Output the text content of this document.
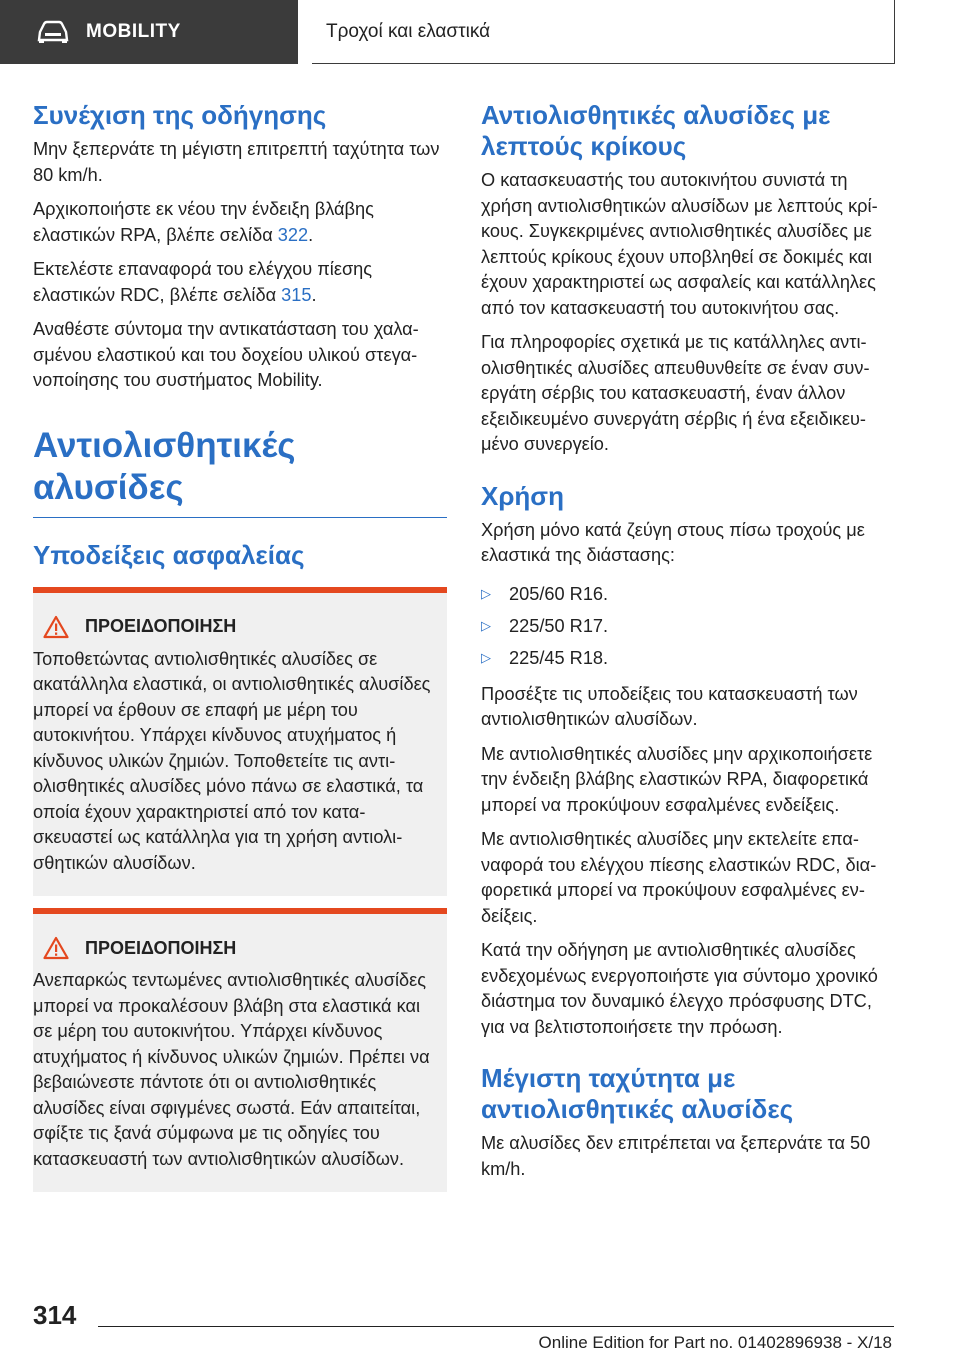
MOBILITY	Τροχοί και ελαστικά
Συνέχιση της οδήγησης

Μην ξεπερνάτε τη μέγιστη επιτρεπτή ταχύτητα των 80 km/h.

Αρχικοποιήστε εκ νέου την ένδειξη βλάβης ελαστικών RPA, βλέπε σελίδα 322.

Εκτελέστε επαναφορά του ελέγχου πίεσης ελαστικών RDC, βλέπε σελίδα 315.

Αναθέστε σύντομα την αντικατάσταση του χαλασμένου ελαστικού και του δοχείου υλικού στεγανοποίησης του συστήματος Mobility.

Αντιολισθητικές αλυσίδες
Υποδείξεις ασφαλείας
ΠΡΟΕΙΔΟΠΟΙΗΣΗ

Τοποθετώντας αντιολισθητικές αλυσίδες σε ακατάλληλα ελαστικά, οι αντιολισθητικές αλυσίδες μπορεί να έρθουν σε επαφή με μέρη του αυτοκινήτου. Υπάρχει κίνδυνος ατυχήματος ή κίνδυνος υλικών ζημιών. Τοποθετείτε τις αντιολισθητικές αλυσίδες μόνο πάνω σε ελαστικά, τα οποία έχουν χαρακτηριστεί από τον κατασκευαστεί ως κατάλληλα για τη χρήση αντιολισθητικών αλυσίδων.

ΠΡΟΕΙΔΟΠΟΙΗΣΗ

Ανεπαρκώς τεντωμένες αντιολισθητικές αλυσίδες μπορεί να προκαλέσουν βλάβη στα ελαστικά και σε μέρη του αυτοκινήτου. Υπάρχει κίνδυνος ατυχήματος ή κίνδυνος υλικών ζημιών. Πρέπει να βεβαιώνεστε πάντοτε ότι οι αντιολισθητικές αλυσίδες είναι σφιγμένες σωστά. Εάν απαιτείται, σφίξτε τις ξανά σύμφωνα με τις οδηγίες του κατασκευαστή των αντιολισθητικών αλυσίδων.

Αντιολισθητικές αλυσίδες με λεπτούς κρίκους

Ο κατασκευαστής του αυτοκινήτου συνιστά τη χρήση αντιολισθητικών αλυσίδων με λεπτούς κρίκους. Συγκεκριμένες αντιολισθητικές αλυσίδες με λεπτούς κρίκους έχουν υποβληθεί σε δοκιμές και έχουν χαρακτηριστεί ως ασφαλείς και κατάλληλες από τον κατασκευαστή του αυτοκινήτου σας.

Για πληροφορίες σχετικά με τις κατάλληλες αντιολισθητικές αλυσίδες απευθυνθείτε σε έναν συνεργάτη σέρβις του κατασκευαστή, έναν άλλον εξειδικευμένο συνεργάτη σέρβις ή ένα εξειδικευμένο συνεργείο.

Χρήση

Χρήση μόνο κατά ζεύγη στους πίσω τροχούς με ελαστικά της διάστασης:

▷ 205/60 R16.
▷ 225/50 R17.
▷ 225/45 R18.

Προσέξτε τις υποδείξεις του κατασκευαστή των αντιολισθητικών αλυσίδων.

Με αντιολισθητικές αλυσίδες μην αρχικοποιήσετε την ένδειξη βλάβης ελαστικών RPA, διαφορετικά μπορεί να προκύψουν εσφαλμένες ενδείξεις.

Με αντιολισθητικές αλυσίδες μην εκτελείτε επαναφορά του ελέγχου πίεσης ελαστικών RDC, διαφορετικά μπορεί να προκύψουν εσφαλμένες ενδείξεις.

Κατά την οδήγηση με αντιολισθητικές αλυσίδες ενδεχομένως ενεργοποιήστε για σύντομο χρονικό διάστημα τον δυναμικό έλεγχο πρόσφυσης DTC, για να βελτιστοποιήσετε την πρόωση.

Μέγιστη ταχύτητα με αντιολισθητικές αλυσίδες

Με αλυσίδες δεν επιτρέπεται να ξεπερνάτε τα 50 km/h.

314
Online Edition for Part no. 01402896938 - X/18
